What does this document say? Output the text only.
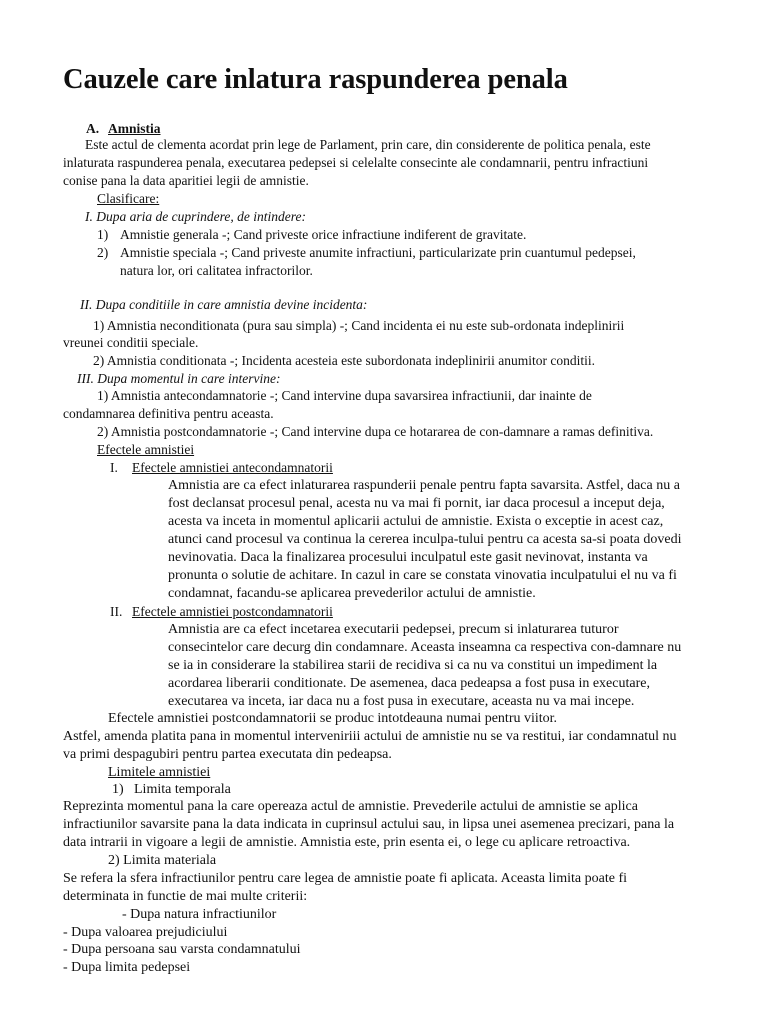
Cauzele care inlatura raspunderea penala
A. Amnistia
Este actul de clementa acordat prin lege de Parlament, prin care, din considerente de politica penala, este
inlaturata raspunderea penala, executarea pedepsei si celelalte consecinte ale condamnarii, pentru infractiuni
conise pana la data aparitiei legii de amnistie.
Clasificare:
I. Dupa aria de cuprindere, de intindere:
1) Amnistie generala -; Cand priveste orice infractiune indiferent de gravitate.
2) Amnistie speciala -; Cand priveste anumite infractiuni, particularizate prin cuantumul pedepsei,
natura lor, ori calitatea infractorilor.
II. Dupa conditiile in care amnistia devine incidenta:
1) Amnistia neconditionata (pura sau simpla) -; Cand incidenta ei nu este sub-ordonata indeplinirii
vreunei conditii speciale.
2) Amnistia conditionata -; Incidenta acesteia este subordonata indeplinirii anumitor conditii.
III. Dupa momentul in care intervine:
1) Amnistia antecondamnatorie -; Cand intervine dupa savarsirea infractiunii, dar inainte de
condamnarea definitiva pentru aceasta.
2) Amnistia postcondamnatorie -; Cand intervine dupa ce hotararea de con-damnare a ramas definitiva.
Efectele amnistiei
I. Efectele amnistiei antecondamnatorii
Amnistia are ca efect inlaturarea raspunderii penale pentru fapta savarsita. Astfel, daca nu a
fost declansat procesul penal, acesta nu va mai fi pornit, iar daca procesul a inceput deja,
acesta va inceta in momentul aplicarii actului de amnistie. Exista o exceptie in acest caz,
atunci cand procesul va continua la cererea inculpa-tului pentru ca acesta sa-si poata dovedi
nevinovatia. Daca la finalizarea procesului inculpatul este gasit nevinovat, instanta va
pronunta o solutie de achitare. In cazul in care se constata vinovatia inculpatului el nu va fi
condamnat, facandu-se aplicarea prevederilor actului de amnistie.
II. Efectele amnistiei postcondamnatorii
Amnistia are ca efect incetarea executarii pedepsei, precum si inlaturarea tuturor
consecintelor care decurg din condamnare. Aceasta inseamna ca respectiva con-damnare nu
se ia in considerare la stabilirea starii de recidiva si ca nu va constitui un impediment la
acordarea liberarii conditionate. De asemenea, daca pedeapsa a fost pusa in executare,
executarea va inceta, iar daca nu a fost pusa in executare, aceasta nu va mai incepe.
Efectele amnistiei postcondamnatorii se produc intotdeauna numai pentru viitor.
Astfel, amenda platita pana in momentul interveniriii actului de amnistie nu se va restitui, iar condamnatul nu
va primi despagubiri pentru partea executata din pedeapsa.
Limitele amnistiei
1) Limita temporala
Reprezinta momentul pana la care opereaza actul de amnistie. Prevederile actului de amnistie se aplica
infractiunilor savarsite pana la data indicata in cuprinsul actului sau, in lipsa unei asemenea precizari, pana la
data intrarii in vigoare a legii de amnistie. Amnistia este, prin esenta ei, o lege cu aplicare retroactiva.
2) Limita materiala
Se refera la sfera infractiunilor pentru care legea de amnistie poate fi aplicata. Aceasta limita poate fi
determinata in functie de mai multe criterii:
- Dupa natura infractiunilor
- Dupa valoarea prejudiciului
- Dupa persoana sau varsta condamnatului
- Dupa limita pedepsei
